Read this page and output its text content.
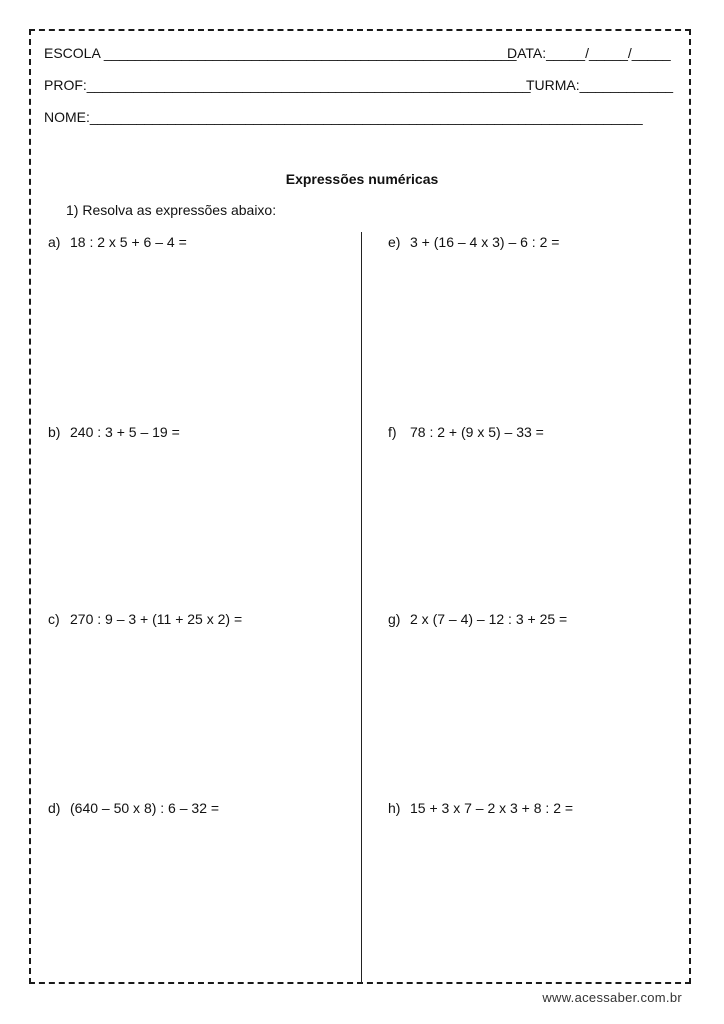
ESCOLA _____________________________________________________
DATA:_____/_____/_____
PROF:_________________________________________________________
TURMA:____________
NOME:_______________________________________________________________________
Expressões numéricas
1) Resolva as expressões abaixo:
a) 18 : 2 x 5 + 6 – 4 =
b) 240 : 3 + 5 – 19 =
c) 270 : 9 – 3 + (11 + 25 x 2) =
d) (640 – 50 x 8) : 6 – 32 =
e) 3 + (16 – 4 x 3) – 6 : 2 =
f) 78 : 2 + (9 x 5) – 33 =
g) 2 x (7 – 4) – 12 : 3 + 25 =
h) 15 + 3 x 7 – 2 x 3 + 8 : 2 =
www.acessaber.com.br
